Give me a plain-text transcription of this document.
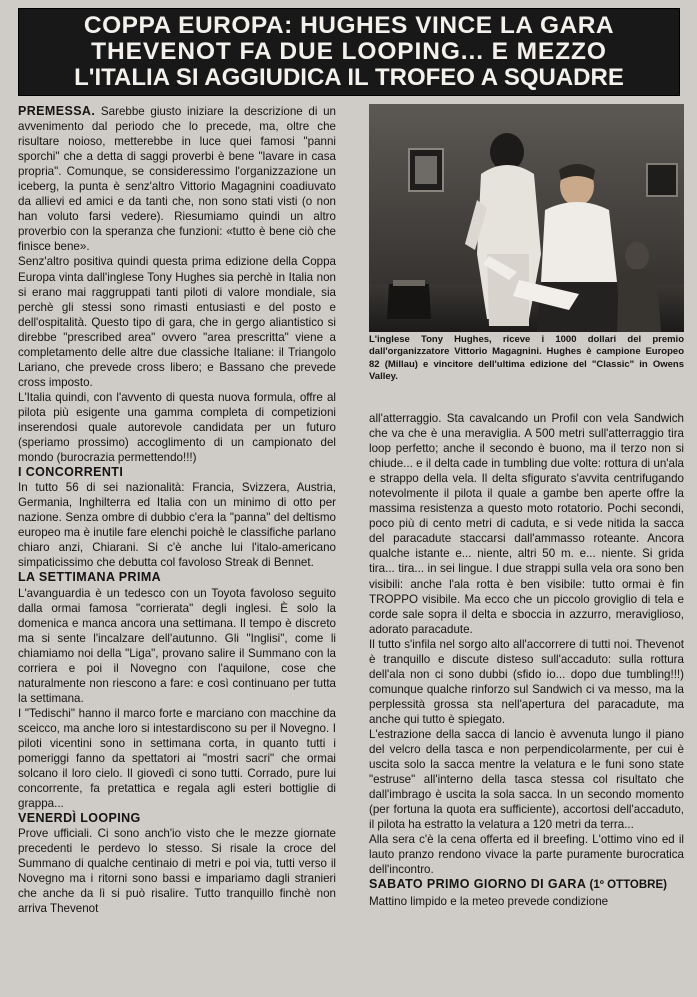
COPPA EUROPA: HUGHES VINCE LA GARA
THEVENOT FA DUE LOOPING... E MEZZO
L'ITALIA SI AGGIUDICA IL TROFEO A SQUADRE

PREMESSA. Sarebbe giusto iniziare la descrizione di un avvenimento dal periodo che lo precede, ma, oltre che risultare noioso, metterebbe in luce quei famosi "panni sporchi" che a detta di saggi proverbi è bene "lavare in casa propria". Comunque, se consideressimo l'organizzazione un iceberg, la punta è senz'altro Vittorio Magagnini coadiuvato da allievi ed amici e da tanti che, non sono stati visti (o non han voluto farsi vedere). Riesumiamo quindi un altro proverbio con la speranza che funzioni: «tutto è bene ciò che finisce bene».

Senz'altro positiva quindi questa prima edizione della Coppa Europa vinta dall'inglese Tony Hughes sia perchè in Italia non si erano mai raggruppati tanti piloti di valore mondiale, sia perchè gli stessi sono rimasti entusiasti e del posto e dell'ospitalità. Questo tipo di gara, che in gergo aliantistico si direbbe "prescribed area" ovvero "area prescritta" viene a completamento delle altre due classiche Italiane: il Triangolo Lariano, che prevede cross libero; e Bassano che prevede cross imposto.

L'Italia quindi, con l'avvento di questa nuova formula, offre al pilota più esigente una gamma completa di competizioni inserendosi quale autorevole candidata per un futuro (speriamo prossimo) accoglimento di un campionato del mondo (burocrazia permettendo!!!)

I CONCORRENTI

In tutto 56 di sei nazionalità: Francia, Svizzera, Austria, Germania, Inghilterra ed Italia con un minimo di otto per nazione. Senza ombre di dubbio c'era la "panna" del deltismo europeo ma è inutile fare elenchi poichè le classifiche parlano chiaro anzi, Chiarani. Si c'è anche lui l'italo-americano simpaticissimo che debutta col favoloso Streak di Bennet.

LA SETTIMANA PRIMA

L'avanguardia è un tedesco con un Toyota favoloso seguito dalla ormai famosa "corrierata" degli inglesi. È solo la domenica e manca ancora una settimana. Il tempo è discreto ma si sente l'incalzare dell'autunno. Gli "Inglisi", come li chiamiamo noi della "Liga", provano salire il Summano con la corriera e poi il Novegno con l'aquilone, cose che naturalmente non riescono a fare: e così continuano per tutta la settimana.

I "Tedischi" hanno il marco forte e marciano con macchine da sceicco, ma anche loro si intestardiscono su per il Novegno. I piloti vicentini sono in settimana corta, in quanto tutti i pomeriggi fanno da spettatori ai "mostri sacri" che ormai solcano il loro cielo. Il giovedì ci sono tutti. Corrado, pure lui concorrente, fa pretattica e regala agli esteri bottiglie di grappa...

VENERDÌ LOOPING

Prove ufficiali. Ci sono anch'io visto che le mezze giornate precedenti le perdevo lo stesso. Si risale la croce del Summano di qualche centinaio di metri e poi via, tutti verso il Novegno ma i ritorni sono bassi e impariamo dagli stranieri che anche da lì si può risalire. Tutto tranquillo finchè non arriva Thevenot

L'inglese Tony Hughes, riceve i 1000 dollari del premio dall'organizzatore Vittorio Magagnini. Hughes è campione Europeo 82 (Millau) e vincitore dell'ultima edizione del "Classic" in Owens Valley.

all'atterraggio. Sta cavalcando un Profil con vela Sandwich che va che è una meraviglia. A 500 metri sull'atterraggio tira loop perfetto; anche il secondo è buono, ma il terzo non si chiude... e il delta cade in tumbling due volte: rottura di un'ala e strappo della vela. Il delta sfigurato s'avvita centrifugando notevolmente il pilota il quale a gambe ben aperte offre la massima resistenza a questo moto rotatorio. Pochi secondi, poco più di cento metri di caduta, e si vede nitida la sacca del paracadute staccarsi dall'ammasso roteante. Ancora qualche istante e... niente, altri 50 m. e... niente. Si grida tira... tira... in sei lingue. I due strappi sulla vela ora sono ben visibili: anche l'ala rotta è ben visibile: tutto ormai è fin TROPPO visibile. Ma ecco che un piccolo groviglio di tela e corde sale sopra il delta e sboccia in azzurro, meraviglioso, adorato paracadute.

Il tutto s'infila nel sorgo alto all'accorrere di tutti noi. Thevenot è tranquillo e discute disteso sull'accaduto: sulla rottura dell'ala non ci sono dubbi (sfido io... dopo due tumbling!!!) comunque qualche rinforzo sul Sandwich ci va messo, ma la perplessità grossa sta nell'apertura del paracadute, ma anche qui tutto è spiegato.

L'estrazione della sacca di lancio è avvenuta lungo il piano del velcro della tasca e non perpendicolarmente, per cui è uscita solo la sacca mentre la velatura e le funi sono state "estruse" all'interno della tasca stessa col risultato che dall'imbrago è uscita la sola sacca. In un secondo momento (per fortuna la quota era sufficiente), accortosi dell'accaduto, il pilota ha estratto la velatura a 120 metri da terra...

Alla sera c'è la cena offerta ed il breefing. L'ottimo vino ed il lauto pranzo rendono vivace la parte puramente burocratica dell'incontro.

SABATO PRIMO GIORNO DI GARA (1º OTTOBRE)

Mattino limpido e la meteo prevede condizione
